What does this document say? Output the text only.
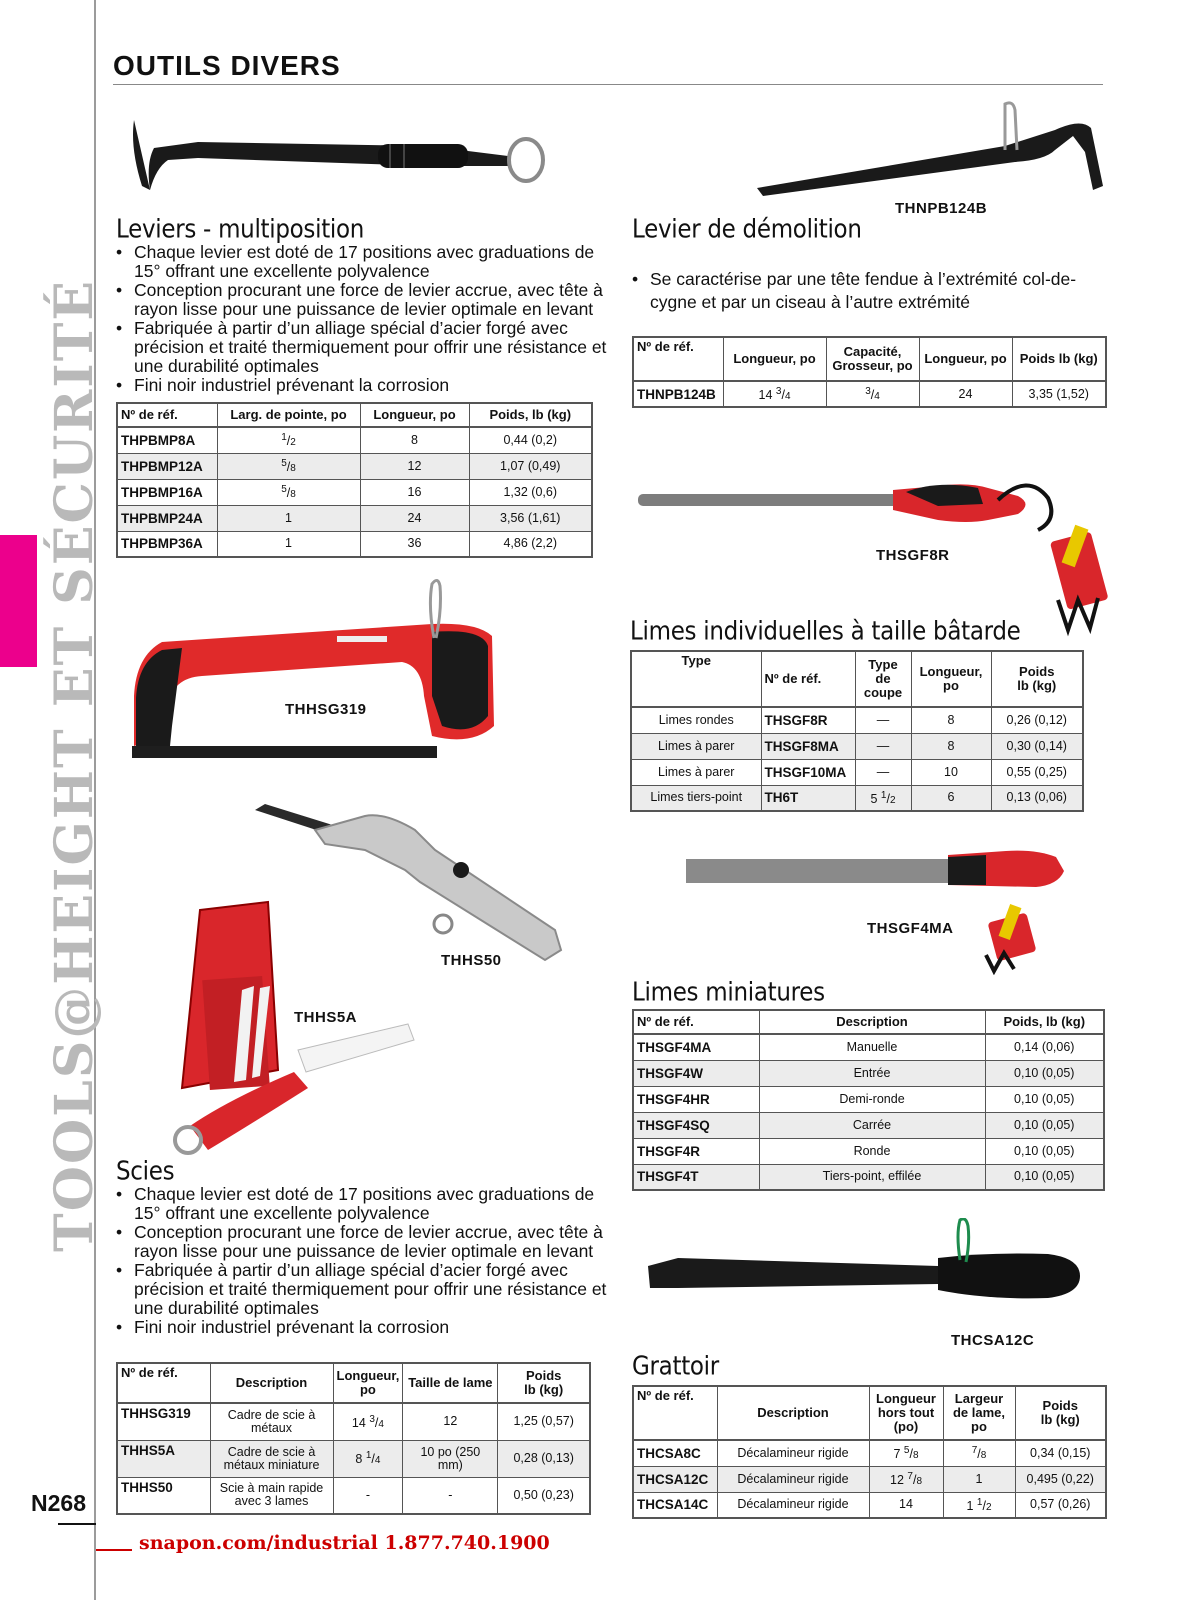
TOOLS@HEIGHT ET SÉCURITÉ
N268
snapon.com/industrial 1.877.740.1900
OUTILS DIVERS
THNPB124B
Leviers - multiposition
• Chaque levier est doté de 17 positions avec graduations de 15° offrant une excellente polyvalence
• Conception procurant une force de levier accrue, avec tête à rayon lisse pour une puissance de levier optimale en levant
• Fabriquée à partir d’un alliage spécial d’acier forgé avec précision et traité thermiquement pour offrir une résistance et une durabilité optimales
• Fini noir industriel prévenant la corrosion
Nº de réf.	Larg. de pointe, po	Longueur, po	Poids, lb (kg)
THPBMP8A	$^1$/2	8	0,44 (0,2)
THPBMP12A	$^5$/8	12	1,07 (0,49)
THPBMP16A	$^5$/8	16	1,32 (0,6)
THPBMP24A	1	24	3,56 (1,61)
THPBMP36A	1	36	4,86 (2,2)
Levier de démolition
• Se caractérise par une tête fendue à l’extrémité col-de-cygne et par un ciseau à l’autre extrémité
Nº de réf.	Longueur, po	Capacité, Grosseur, po	Longueur, po	Poids lb (kg)
THNPB124B	14 $^3$/4	$^3$/4	24	3,35 (1,52)
THSGF8R
Limes individuelles à taille bâtarde
Type	Nº de réf.	Type
de
coupe	Longueur,
po	Poids
lb (kg)
Limes rondes	THSGF8R	—	8	0,26 (0,12)
Limes à parer	THSGF8MA	—	8	0,30 (0,14)
Limes à parer	THSGF10MA	—	10	0,55 (0,25)
Limes tiers-point	TH6T	5 $^1$/2	6	0,13 (0,06)
THSGF4MA
Limes miniatures
Nº de réf.	Description	Poids, lb (kg)
THSGF4MA	Manuelle	0,14 (0,06)
THSGF4W	Entrée	0,10 (0,05)
THSGF4HR	Demi-ronde	0,10 (0,05)
THSGF4SQ	Carrée	0,10 (0,05)
THSGF4R	Ronde	0,10 (0,05)
THSGF4T	Tiers-point, effilée	0,10 (0,05)
THCSA12C
Grattoir
Nº de réf.	Description	Longueur
hors tout
(po)	Largeur
de lame,
po	Poids
lb (kg)
THCSA8C	Décalamineur rigide	7 $^5$/8	$^7$/8	0,34 (0,15)
THCSA12C	Décalamineur rigide	12 $^7$/8	1	0,495 (0,22)
THCSA14C	Décalamineur rigide	14	1 $^1$/2	0,57 (0,26)
THHSG319
THHS50
THHS5A
Scies
• Chaque levier est doté de 17 positions avec graduations de 15° offrant une excellente polyvalence
• Conception procurant une force de levier accrue, avec tête à rayon lisse pour une puissance de levier optimale en levant
• Fabriquée à partir d’un alliage spécial d’acier forgé avec précision et traité thermiquement pour offrir une résistance et une durabilité optimales
• Fini noir industriel prévenant la corrosion
Nº de réf.	Description	Longueur,
po	Taille de lame	Poids
lb (kg)
THHSG319	Cadre de scie à métaux	14 $^3$/4	12	1,25 (0,57)
THHS5A	Cadre de scie à métaux miniature	8 $^1$/4	10 po (250 mm)	0,28 (0,13)
THHS50	Scie à main rapide avec 3 lames	-	-	0,50 (0,23)
